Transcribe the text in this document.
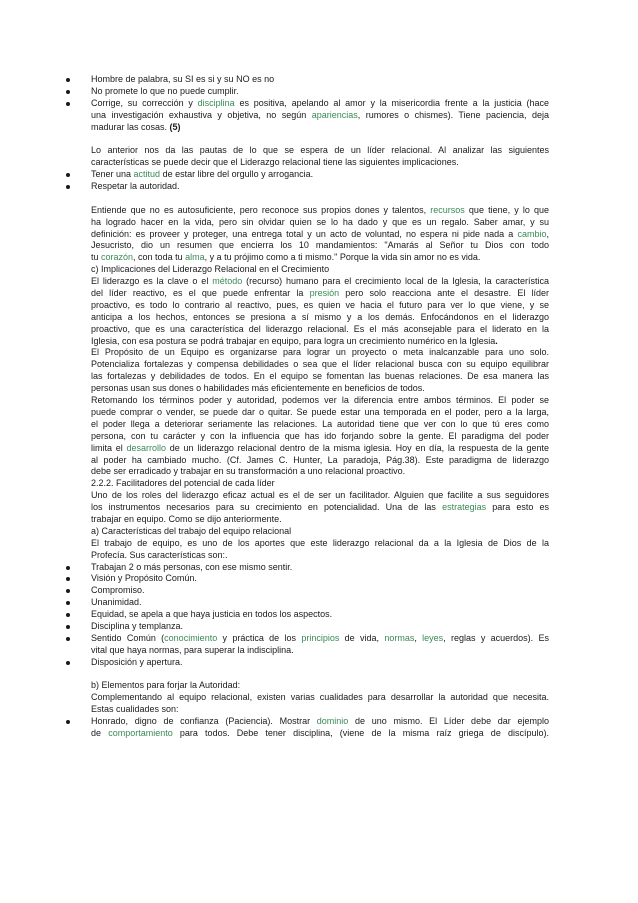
Hombre de palabra, su SI es si y su NO es no
No promete lo que no puede cumplir.
Corrige, su corrección y disciplina es positiva, apelando al amor y la misericordia frente a la justicia (hace
una investigación exhaustiva y objetiva, no según apariencias, rumores o chismes). Tiene paciencia, deja
madurar las cosas. (5)
Lo anterior nos da las pautas de lo que se espera de un líder relacional. Al analizar las siguientes
características se puede decir que el Liderazgo relacional tiene las siguientes implicaciones.
Tener una actitud de estar libre del orgullo y arrogancia.
Respetar la autoridad.
Entiende que no es autosuficiente, pero reconoce sus propios dones y talentos, recursos que tiene, y lo que
ha logrado hacer en la vida, pero sin olvidar quien se lo ha dado y que es un regalo. Saber amar, y su
definición: es proveer y proteger, una entrega total y un acto de voluntad, no espera ni pide nada a cambio,
Jesucristo, dio un resumen que encierra los 10 mandamientos: "Amarás al Señor tu Dios con todo
tu corazón, con toda tu alma, y a tu prójimo como a ti mismo." Porque la vida sin amor no es vida.
c) Implicaciones del Liderazgo Relacional en el Crecimiento
El liderazgo es la clave o el método (recurso) humano para el crecimiento local de la Iglesia, la característica
del líder reactivo, es el que puede enfrentar la presión pero solo reacciona ante el desastre. El líder
proactivo, es todo lo contrario al reactivo, pues, es quien ve hacia el futuro para ver lo que viene, y se
anticipa a los hechos, entonces se presiona a sí mismo y a los demás. Enfocándonos en el liderazgo
proactivo, que es una característica del liderazgo relacional. Es el más aconsejable para el liderato en la
Iglesia, con esa postura se podrá trabajar en equipo, para logra un crecimiento numérico en la Iglesia.
El Propósito de un Equipo es organizarse para lograr un proyecto o meta inalcanzable para uno solo.
Potencializa fortalezas y compensa debilidades o sea que el líder relacional busca con su equipo equilibrar
las fortalezas y debilidades de todos. En el equipo se fomentan las buenas relaciones. De esa manera las
personas usan sus dones o habilidades más eficientemente en beneficios de todos.
Retomando los términos poder y autoridad, podemos ver la diferencia entre ambos términos. El poder se
puede comprar o vender, se puede dar o quitar. Se puede estar una temporada en el poder, pero a la larga,
el poder llega a deteriorar seriamente las relaciones. La autoridad tiene que ver con lo que tú eres como
persona, con tu carácter y con la influencia que has ido forjando sobre la gente. El paradigma del poder
limita el desarrollo de un liderazgo relacional dentro de la misma iglesia. Hoy en día, la respuesta de la gente
al poder ha cambiado mucho. (Cf. James C. Hunter, La paradoja, Pág.38). Este paradigma de liderazgo
debe ser erradicado y trabajar en su transformación a uno relacional proactivo.
2.2.2. Facilitadores del potencial de cada líder
Uno de los roles del liderazgo eficaz actual es el de ser un facilitador. Alguien que facilite a sus seguidores
los instrumentos necesarios para su crecimiento en potencialidad. Una de las estrategias para esto es
trabajar en equipo. Como se dijo anteriormente.
a) Características del trabajo del equipo relacional
El trabajo de equipo, es uno de los aportes que este liderazgo relacional da a la Iglesia de Dios de la
Profecía. Sus características son:.
Trabajan 2 o más personas, con ese mismo sentir.
Visión y Propósito Común.
Compromiso.
Unanimidad.
Equidad, se apela a que haya justicia en todos los aspectos.
Disciplina y templanza.
Sentido Común (conocimiento y práctica de los principios de vida, normas, leyes, reglas y acuerdos). Es
vital que haya normas, para superar la indisciplina.
Disposición y apertura.
b) Elementos para forjar la Autoridad:
Complementando al equipo relacional, existen varias cualidades para desarrollar la autoridad que necesita.
Estas cualidades son:
Honrado, digno de confianza (Paciencia). Mostrar dominio de uno mismo. El Líder debe dar ejemplo
de comportamiento para todos. Debe tener disciplina, (viene de la misma raíz griega de discípulo).
